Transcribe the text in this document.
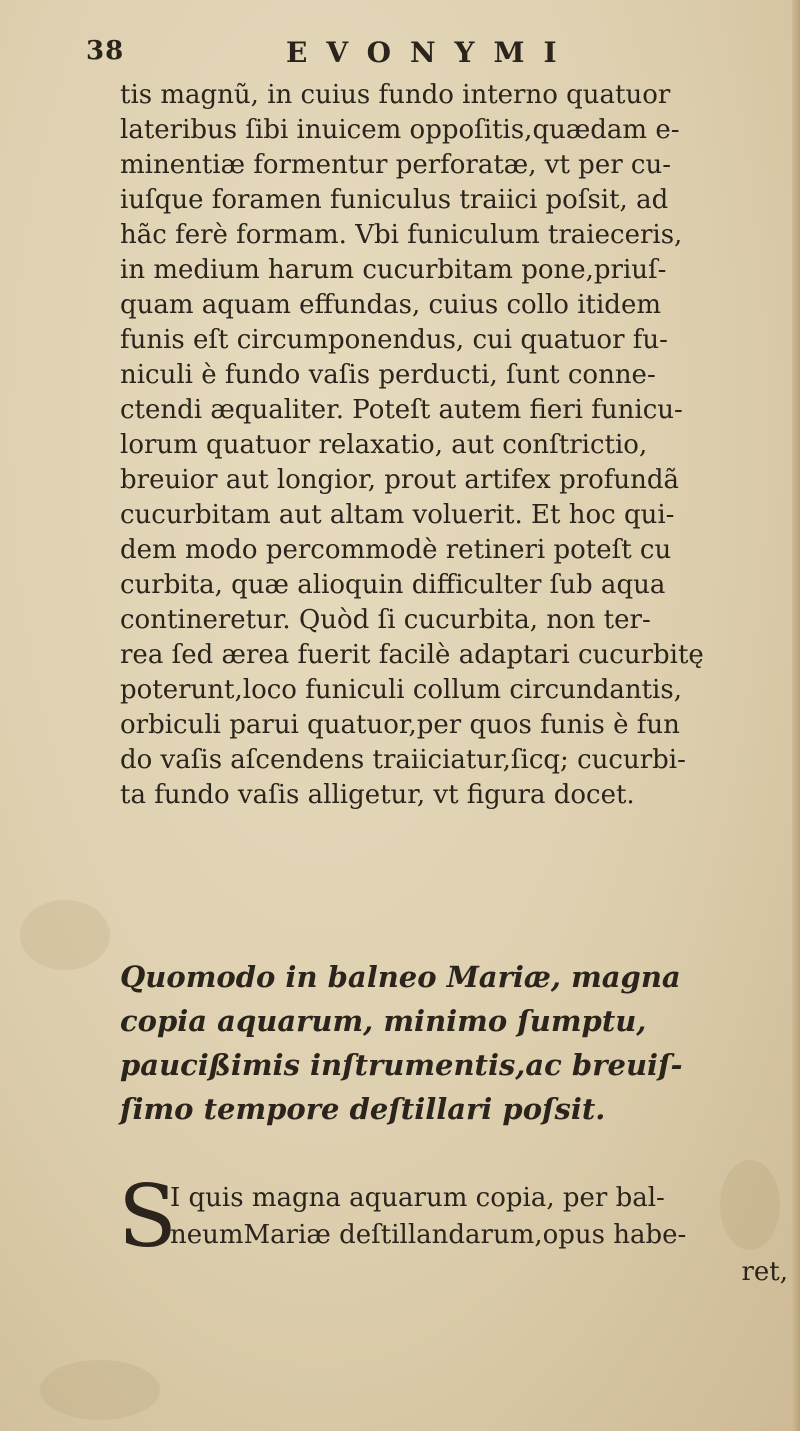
38	EVONYMI
tis magnũ, in cuius fundo interno quatuor
lateribus ſibi inuicem oppoſitis,quædam e-
minentiæ formentur perforatæ, vt per cu-
iuſque foramen funiculus traiici poſsit, ad
hãc ferè formam. Vbi funiculum traieceris,
in medium harum cucurbitam pone,priuſ-
quam aquam effundas, cuius collo itidem
funis eſt circumponendus, cui quatuor fu-
niculi è fundo vaſis perducti, ſunt conne-
ctendi æqualiter. Poteſt autem fieri funicu-
lorum quatuor relaxatio, aut conſtrictio,
breuior aut longior, prout artifex profundã
cucurbitam aut altam voluerit. Et hoc qui-
dem modo percommodè retineri poteſt cu
curbita, quæ alioquin difficulter ſub aqua
contineretur. Quòd ſi cucurbita, non ter-
rea ſed ærea fuerit facilè adaptari cucurbitę
poterunt,loco funiculi collum circundantis,
orbiculi parui quatuor,per quos funis è fun
do vaſis aſcendens traiiciatur,ſicq; cucurbi-
ta fundo vaſis alligetur, vt figura docet.
Quomodo in balneo Mariæ, magna
copia aquarum, minimo ſumptu,
paucißimis inſtrumentis,ac breuiſ-
ſimo tempore deſtillari poſsit.
S
I quis magna aquarum copia, per bal-
neumMariæ deſtillandarum,opus habe-
ret,
